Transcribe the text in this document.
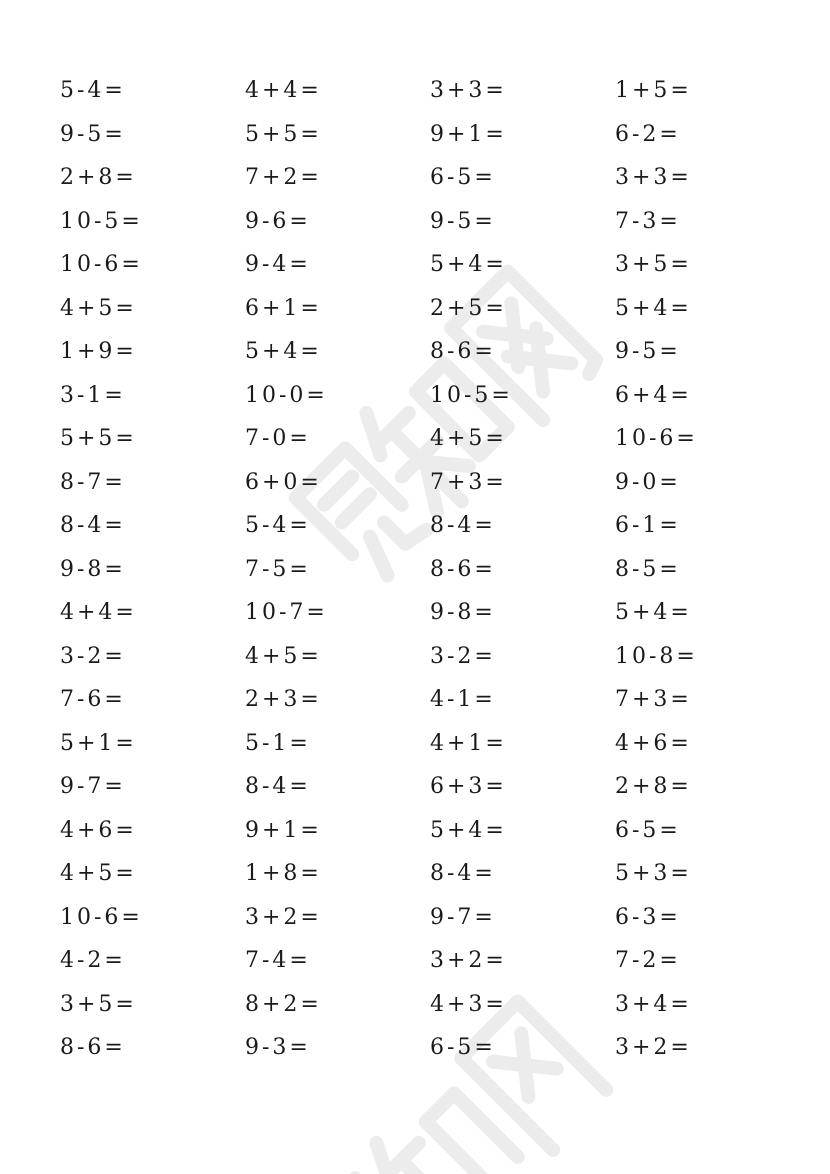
5-4=	4+4=	3+3=	1+5=
9-5=	5+5=	9+1=	6-2=
2+8=	7+2=	6-5=	3+3=
10-5=	9-6=	9-5=	7-3=
10-6=	9-4=	5+4=	3+5=
4+5=	6+1=	2+5=	5+4=
1+9=	5+4=	8-6=	9-5=
3-1=	10-0=	10-5=	6+4=
5+5=	7-0=	4+5=	10-6=
8-7=	6+0=	7+3=	9-0=
8-4=	5-4=	8-4=	6-1=
9-8=	7-5=	8-6=	8-5=
4+4=	10-7=	9-8=	5+4=
3-2=	4+5=	3-2=	10-8=
7-6=	2+3=	4-1=	7+3=
5+1=	5-1=	4+1=	4+6=
9-7=	8-4=	6+3=	2+8=
4+6=	9+1=	5+4=	6-5=
4+5=	1+8=	8-4=	5+3=
10-6=	3+2=	9-7=	6-3=
4-2=	7-4=	3+2=	7-2=
3+5=	8+2=	4+3=	3+4=
8-6=	9-3=	6-5=	3+2=
